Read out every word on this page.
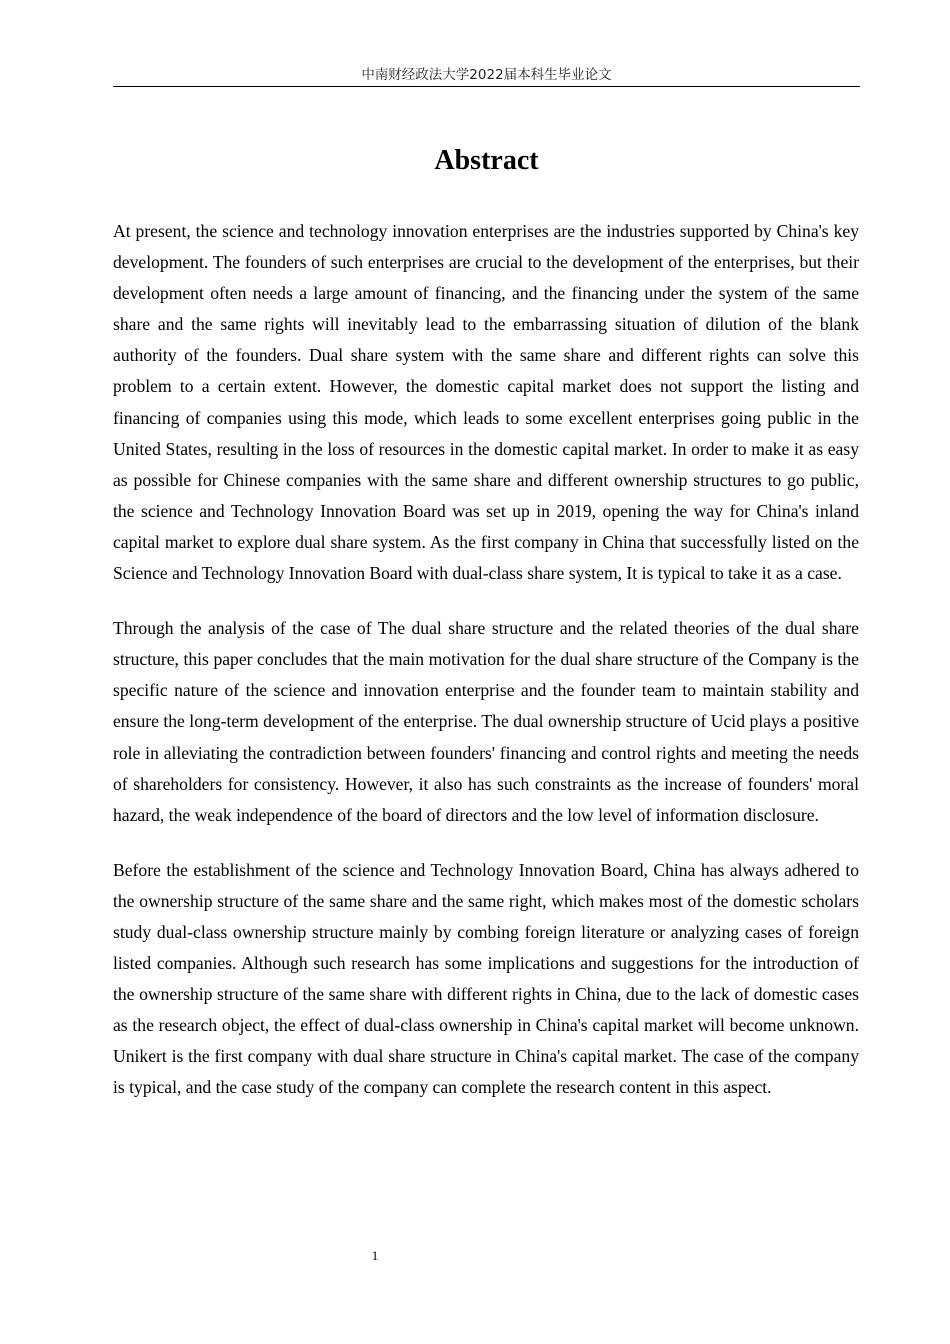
中南财经政法大学2022届本科生毕业论文
Abstract

At present, the science and technology innovation enterprises are the industries supported by China's key development. The founders of such enterprises are crucial to the development of the enterprises, but their development often needs a large amount of financing, and the financing under the system of the same share and the same rights will inevitably lead to the embarrassing situation of dilution of the blank authority of the founders. Dual share system with the same share and different rights can solve this problem to a certain extent. However, the domestic capital market does not support the listing and financing of companies using this mode, which leads to some excellent enterprises going public in the United States, resulting in the loss of resources in the domestic capital market. In order to make it as easy as possible for Chinese companies with the same share and different ownership structures to go public, the science and Technology Innovation Board was set up in 2019, opening the way for China's inland capital market to explore dual share system. As the first company in China that successfully listed on the Science and Technology Innovation Board with dual-class share system, It is typical to take it as a case.

Through the analysis of the case of The dual share structure and the related theories of the dual share structure, this paper concludes that the main motivation for the dual share structure of the Company is the specific nature of the science and innovation enterprise and the founder team to maintain stability and ensure the long-term development of the enterprise. The dual ownership structure of Ucid plays a positive role in alleviating the contradiction between founders' financing and control rights and meeting the needs of shareholders for consistency. However, it also has such constraints as the increase of founders' moral hazard, the weak independence of the board of directors and the low level of information disclosure.

Before the establishment of the science and Technology Innovation Board, China has always adhered to the ownership structure of the same share and the same right, which makes most of the domestic scholars study dual-class ownership structure mainly by combing foreign literature or analyzing cases of foreign listed companies. Although such research has some implications and suggestions for the introduction of the ownership structure of the same share with different rights in China, due to the lack of domestic cases as the research object, the effect of dual-class ownership in China's capital market will become unknown. Unikert is the first company with dual share structure in China's capital market. The case of the company is typical, and the case study of the company can complete the research content in this aspect.

1
